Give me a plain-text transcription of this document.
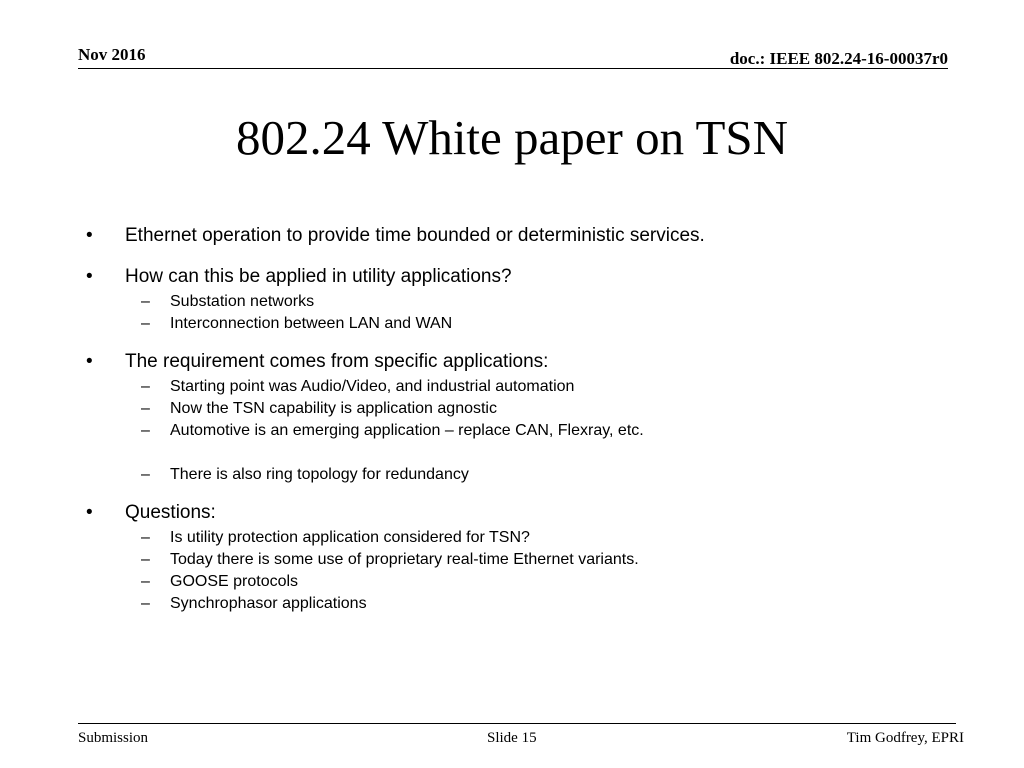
Nov 2016	doc.: IEEE 802.24-16-00037r0
802.24 White paper on TSN
• Ethernet operation to provide time bounded or deterministic services.
• How can this be applied in utility applications?
– Substation networks
– Interconnection between LAN and WAN
• The requirement comes from specific applications:
– Starting point was Audio/Video, and industrial automation
– Now the TSN capability is application agnostic
– Automotive is an emerging application – replace CAN, Flexray, etc.
– There is also ring topology for redundancy
• Questions:
– Is utility protection application considered for TSN?
– Today there is some use of proprietary real-time Ethernet variants.
– GOOSE protocols
– Synchrophasor applications
Submission	Slide 15	Tim Godfrey, EPRI
